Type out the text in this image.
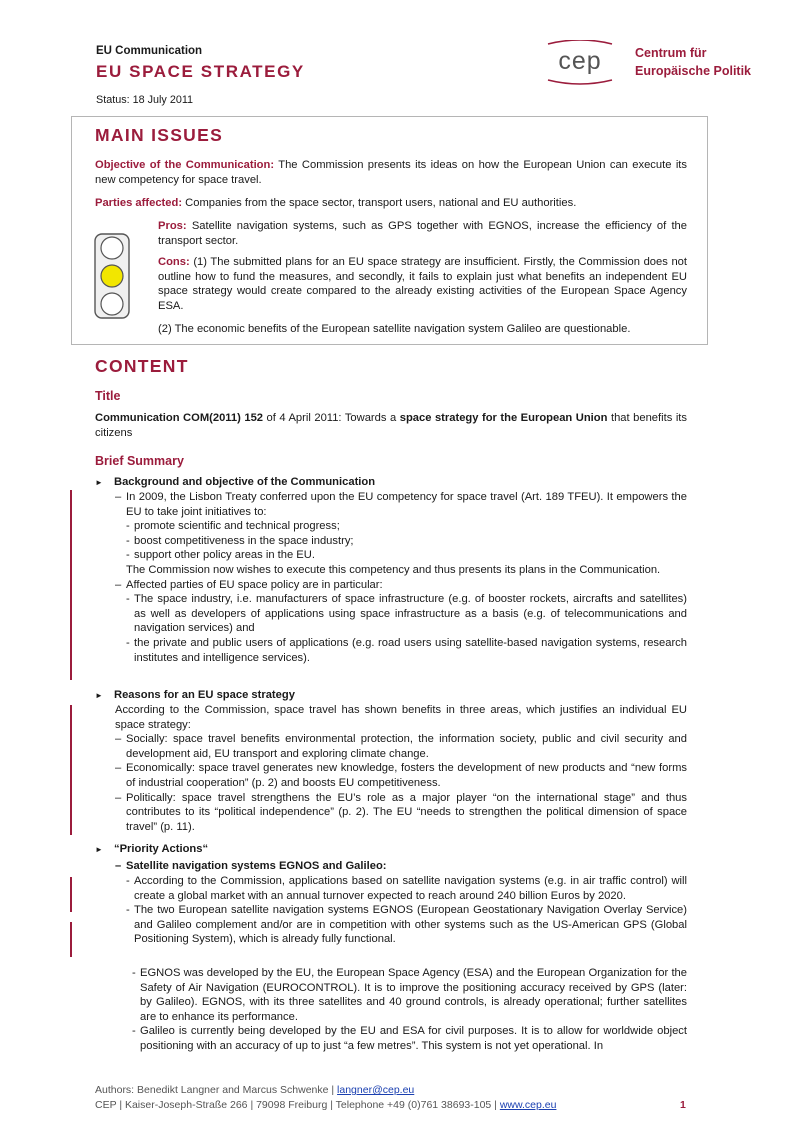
EU Communication
EU SPACE STRATEGY
Status: 18 July 2011
cep	Centrum für
Europäische Politik
MAIN ISSUES
Objective of the Communication: The Commission presents its ideas on how the European Union can execute its new competency for space travel.
Parties affected: Companies from the space sector, transport users, national and EU authorities.
Pros: Satellite navigation systems, such as GPS together with EGNOS, increase the efficiency of the transport sector.
Cons: (1) The submitted plans for an EU space strategy are insufficient. Firstly, the Commission does not outline how to fund the measures, and secondly, it fails to explain just what benefits an independent EU space strategy would create compared to the already existing activities of the European Space Agency ESA.
(2) The economic benefits of the European satellite navigation system Galileo are questionable.
CONTENT
Title
Communication COM(2011) 152 of 4 April 2011: Towards a space strategy for the European Union that benefits its citizens
Brief Summary
► Background and objective of the Communication
– In 2009, the Lisbon Treaty conferred upon the EU competency for space travel (Art. 189 TFEU). It empowers the EU to take joint initiatives to:
- promote scientific and technical progress;
- boost competitiveness in the space industry;
- support other policy areas in the EU.
The Commission now wishes to execute this competency and thus presents its plans in the Communication.
– Affected parties of EU space policy are in particular:
- The space industry, i.e. manufacturers of space infrastructure (e.g. of booster rockets, aircrafts and satellites) as well as developers of applications using space infrastructure as a basis (e.g. of telecommunications and navigation services) and
- the private and public users of applications (e.g. road users using satellite-based navigation systems, research institutes and intelligence services).
► Reasons for an EU space strategy
According to the Commission, space travel has shown benefits in three areas, which justifies an individual EU space strategy:
– Socially: space travel benefits environmental protection, the information society, public and civil security and development aid, EU transport and exploring climate change.
– Economically: space travel generates new knowledge, fosters the development of new products and “new forms of industrial cooperation” (p. 2) and boosts EU competitiveness.
– Politically: space travel strengthens the EU’s role as a major player “on the international stage” and thus contributes to its “political independence” (p. 2). The EU “needs to strengthen the political dimension of space travel” (p. 11).
► “Priority Actions“
– Satellite navigation systems EGNOS and Galileo:
- According to the Commission, applications based on satellite navigation systems (e.g. in air traffic control) will create a global market with an annual turnover expected to reach around 240 billion Euros by 2020.
- The two European satellite navigation systems EGNOS (European Geostationary Navigation Overlay Service) and Galileo complement and/or are in competition with other systems such as the US-American GPS (Global Positioning System), which is already fully functional.
- EGNOS was developed by the EU, the European Space Agency (ESA) and the European Organization for the Safety of Air Navigation (EUROCONTROL). It is to improve the positioning accuracy received by GPS (later: by Galileo). EGNOS, with its three satellites and 40 ground controls, is already operational; further satellites are to enhance its performance.
- Galileo is currently being developed by the EU and ESA for civil purposes. It is to allow for worldwide object positioning with an accuracy of up to just “a few metres”. This system is not yet operational. In
Authors: Benedikt Langner and Marcus Schwenke | langner@cep.eu
CEP | Kaiser-Joseph-Straße 266 | 79098 Freiburg | Telephone +49 (0)761 38693-105 | www.cep.eu	1
